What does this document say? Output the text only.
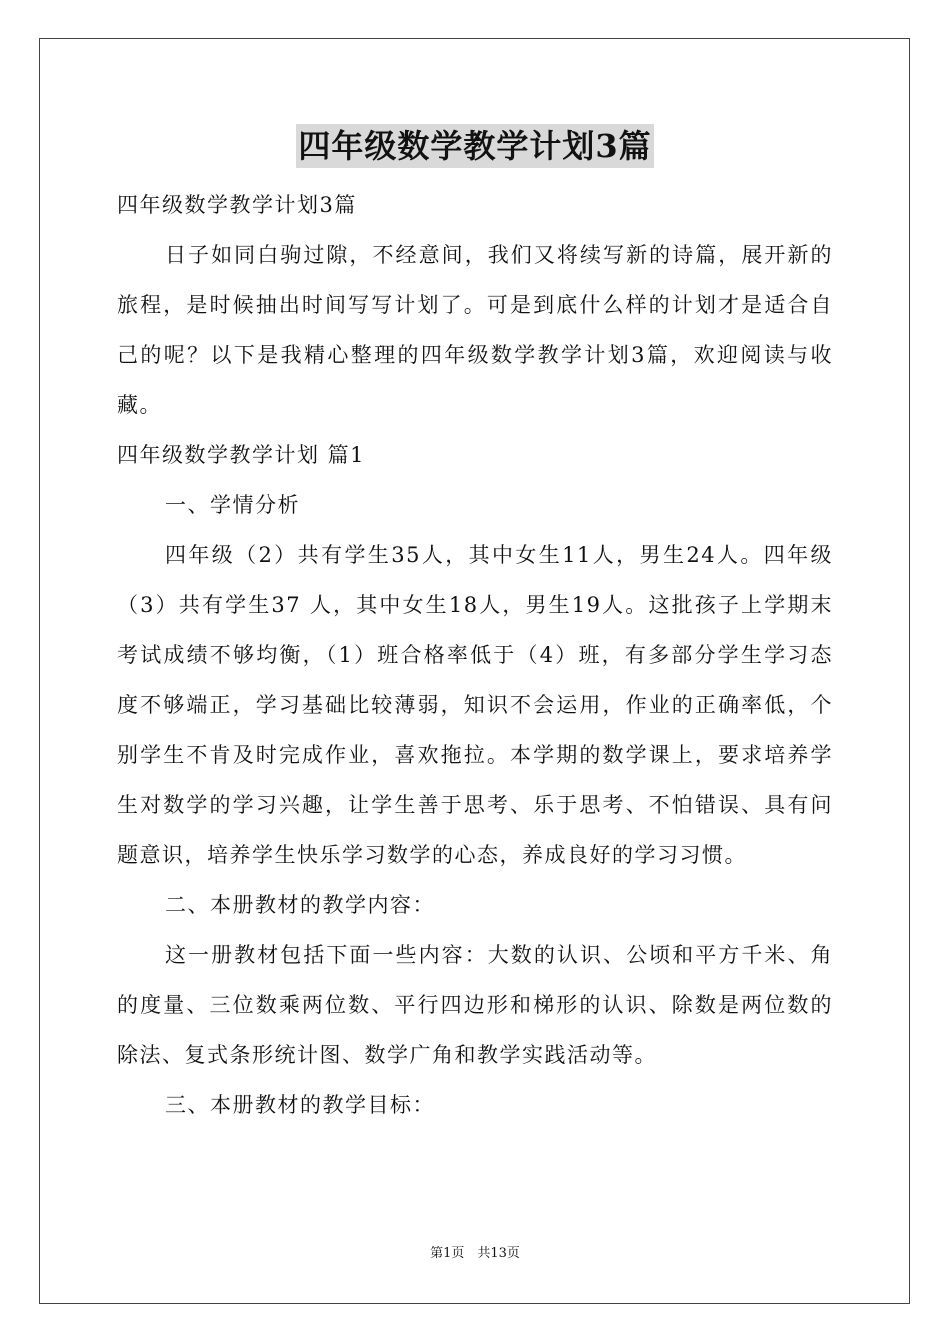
四年级数学教学计划3篇

四年级数学教学计划3篇

日子如同白驹过隙，不经意间，我们又将续写新的诗篇，展开新的旅程，是时候抽出时间写写计划了。可是到底什么样的计划才是适合自己的呢？以下是我精心整理的四年级数学教学计划3篇，欢迎阅读与收藏。

四年级数学教学计划 篇1

一、学情分析

四年级（2）共有学生35人，其中女生11人，男生24人。四年级（3）共有学生37 人，其中女生18人，男生19人。这批孩子上学期末考试成绩不够均衡，（1）班合格率低于（4）班，有多部分学生学习态度不够端正，学习基础比较薄弱，知识不会运用，作业的正确率低，个别学生不肯及时完成作业，喜欢拖拉。本学期的数学课上，要求培养学生对数学的学习兴趣，让学生善于思考、乐于思考、不怕错误、具有问题意识，培养学生快乐学习数学的心态，养成良好的学习习惯。

二、本册教材的教学内容：

这一册教材包括下面一些内容：大数的认识、公顷和平方千米、角的度量、三位数乘两位数、平行四边形和梯形的认识、除数是两位数的除法、复式条形统计图、数学广角和教学实践活动等。

三、本册教材的教学目标：

第1页　共13页
